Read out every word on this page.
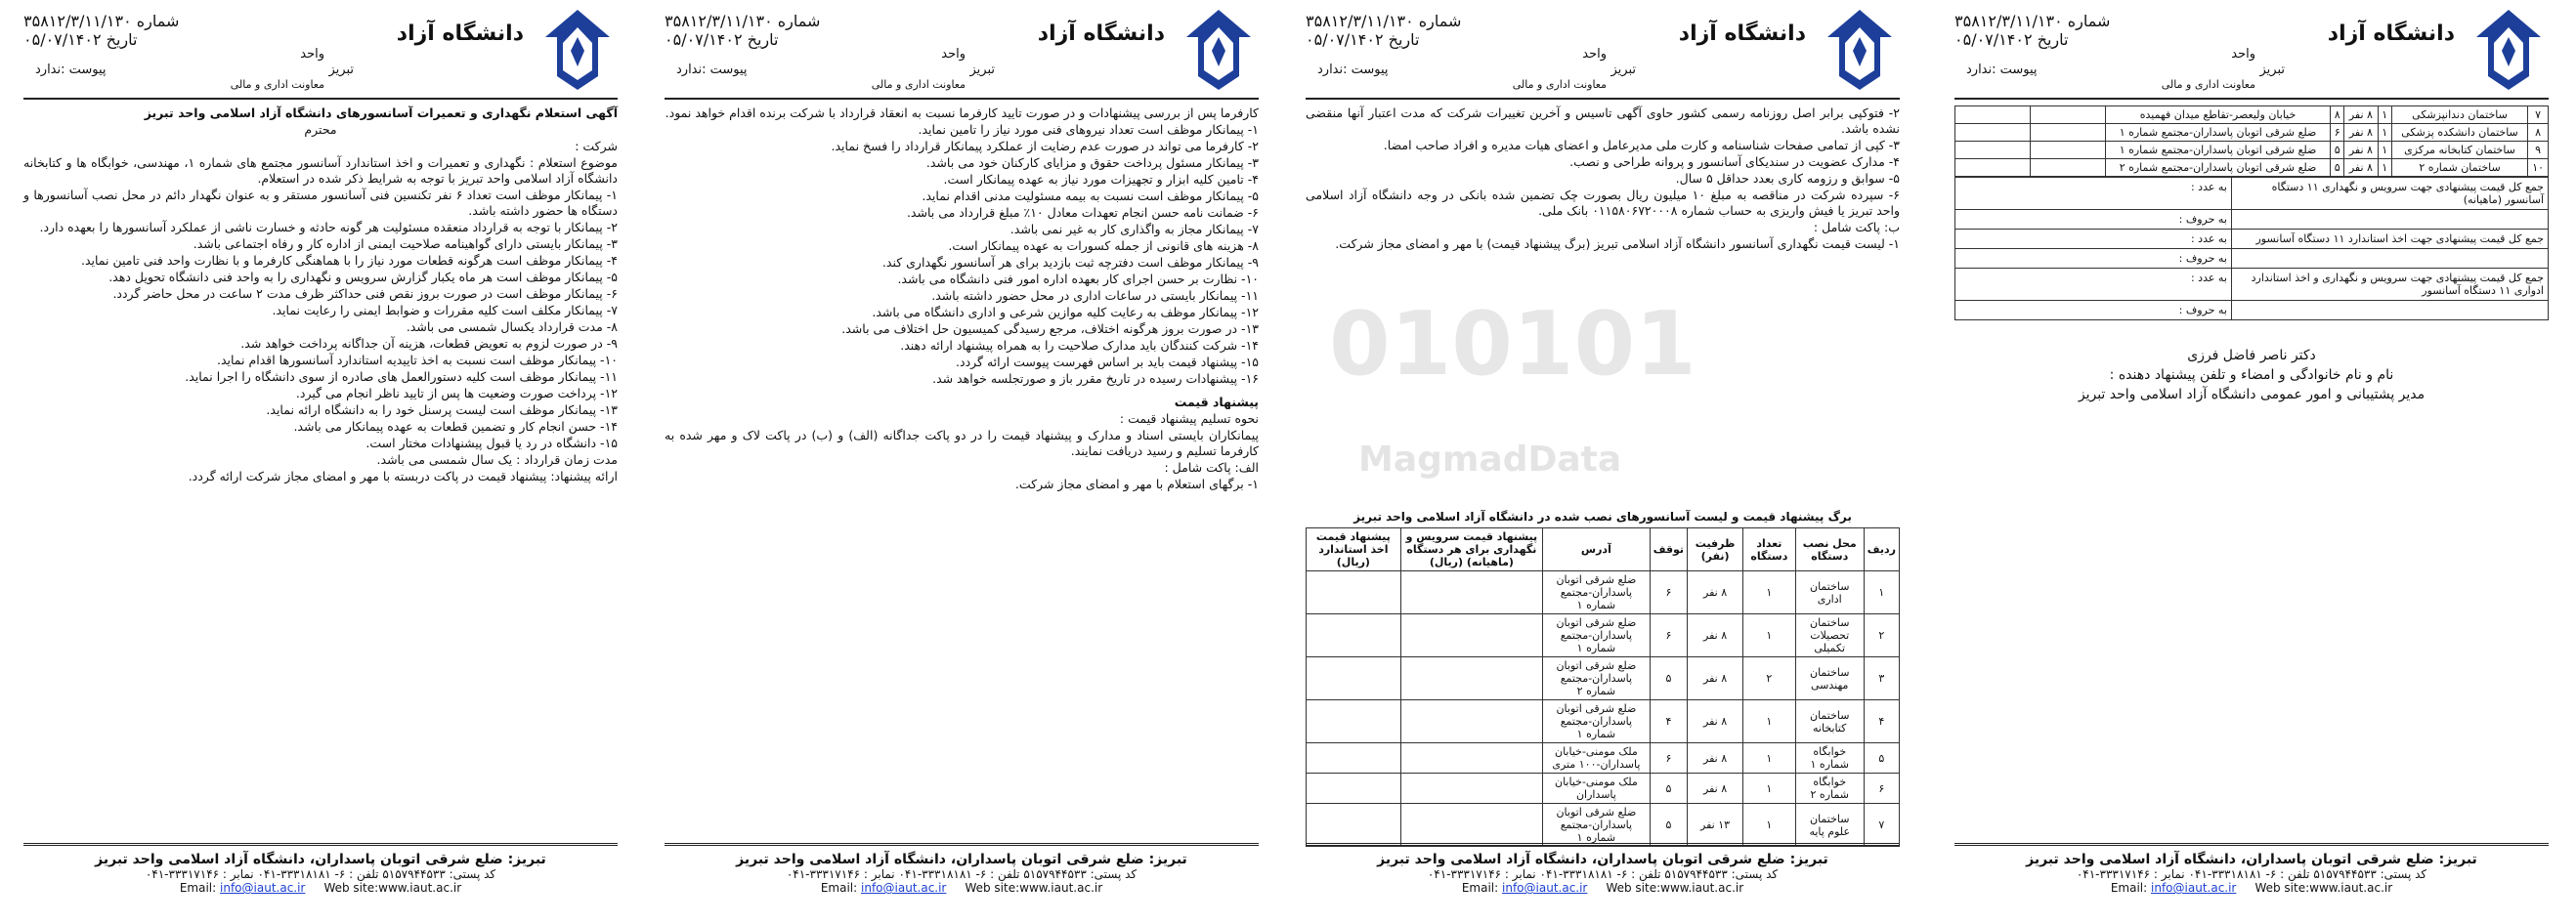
دانشگاه آزاد
۳۵۸۱۲/۳/۱۱/۱۳۰ شماره
۰۵/۰۷/۱۴۰۲ تاریخ
واحد
تبریز
پیوست :ندارد
معاونت اداری و مالی

آگهی استعلام نگهداری و تعمیرات آسانسورهای دانشگاه آزاد اسلامی واحد تبریز

محترم

شرکت :

موضوع استعلام : نگهداری و تعمیرات و اخذ استاندارد آسانسور مجتمع های شماره ۱، مهندسی، خوابگاه ها و کتابخانه دانشگاه آزاد اسلامی واحد تبریز با توجه به شرایط ذکر شده در استعلام.

۱- پیمانکار موظف است تعداد ۶ نفر تکنسین فنی آسانسور مستقر و به عنوان نگهدار دائم در محل نصب آسانسورها و دستگاه ها حضور داشته باشد.

۲- پیمانکار با توجه به قرارداد منعقده مسئولیت هر گونه حادثه و خسارت ناشی از عملکرد آسانسورها را بعهده دارد.

۳- پیمانکار بایستی دارای گواهینامه صلاحیت ایمنی از اداره کار و رفاه اجتماعی باشد.

۴- پیمانکار موظف است هرگونه قطعات مورد نیاز را با هماهنگی کارفرما و با نظارت واحد فنی تامین نماید.

۵- پیمانکار موظف است هر ماه یکبار گزارش سرویس و نگهداری را به واحد فنی دانشگاه تحویل دهد.

۶- پیمانکار موظف است در صورت بروز نقص فنی حداکثر ظرف مدت ۲ ساعت در محل حاضر گردد.

۷- پیمانکار مکلف است کلیه مقررات و ضوابط ایمنی را رعایت نماید.

۸- مدت قرارداد یکسال شمسی می باشد.

۹- در صورت لزوم به تعویض قطعات، هزینه آن جداگانه پرداخت خواهد شد.

۱۰- پیمانکار موظف است نسبت به اخذ تاییدیه استاندارد آسانسورها اقدام نماید.

۱۱- پیمانکار موظف است کلیه دستورالعمل های صادره از سوی دانشگاه را اجرا نماید.

۱۲- پرداخت صورت وضعیت ها پس از تایید ناظر انجام می گیرد.

۱۳- پیمانکار موظف است لیست پرسنل خود را به دانشگاه ارائه نماید.

۱۴- حسن انجام کار و تضمین قطعات به عهده پیمانکار می باشد.

۱۵- دانشگاه در رد یا قبول پیشنهادات مختار است.

مدت زمان قرارداد : یک سال شمسی می باشد.

ارائه پیشنهاد: پیشنهاد قیمت در پاکت دربسته با مهر و امضای مجاز شرکت ارائه گردد.

تبریز: ضلع شرقی اتوبان پاسداران، دانشگاه آزاد اسلامی واحد تبریز
کد پستی: ۵۱۵۷۹۴۴۵۳۳ تلفن : ۶- ۳۳۳۱۸۱۸۱-۰۴۱ نمابر : ۳۳۳۱۷۱۴۶-۰۴۱
Email: info@iaut.ac.ir Web site:www.iaut.ac.ir
دانشگاه آزاد
۳۵۸۱۲/۳/۱۱/۱۳۰ شماره
۰۵/۰۷/۱۴۰۲ تاریخ
واحد
تبریز
پیوست :ندارد
معاونت اداری و مالی

کارفرما پس از بررسی پیشنهادات و در صورت تایید کارفرما نسبت به انعقاد قرارداد با شرکت برنده اقدام خواهد نمود.

۱- پیمانکار موظف است تعداد نیروهای فنی مورد نیاز را تامین نماید.

۲- کارفرما می تواند در صورت عدم رضایت از عملکرد پیمانکار قرارداد را فسخ نماید.

۳- پیمانکار مسئول پرداخت حقوق و مزایای کارکنان خود می باشد.

۴- تامین کلیه ابزار و تجهیزات مورد نیاز به عهده پیمانکار است.

۵- پیمانکار موظف است نسبت به بیمه مسئولیت مدنی اقدام نماید.

۶- ضمانت نامه حسن انجام تعهدات معادل ۱۰٪ مبلغ قرارداد می باشد.

۷- پیمانکار مجاز به واگذاری کار به غیر نمی باشد.

۸- هزینه های قانونی از جمله کسورات به عهده پیمانکار است.

۹- پیمانکار موظف است دفترچه ثبت بازدید برای هر آسانسور نگهداری کند.

۱۰- نظارت بر حسن اجرای کار بعهده اداره امور فنی دانشگاه می باشد.

۱۱- پیمانکار بایستی در ساعات اداری در محل حضور داشته باشد.

۱۲- پیمانکار موظف به رعایت کلیه موازین شرعی و اداری دانشگاه می باشد.

۱۳- در صورت بروز هرگونه اختلاف، مرجع رسیدگی کمیسیون حل اختلاف می باشد.

۱۴- شرکت کنندگان باید مدارک صلاحیت را به همراه پیشنهاد ارائه دهند.

۱۵- پیشنهاد قیمت باید بر اساس فهرست پیوست ارائه گردد.

۱۶- پیشنهادات رسیده در تاریخ مقرر باز و صورتجلسه خواهد شد.

پیشنهاد قیمت

نحوه تسلیم پیشنهاد قیمت :

پیمانکاران بایستی اسناد و مدارک و پیشنهاد قیمت را در دو پاکت جداگانه (الف) و (ب) در پاکت لاک و مهر شده به کارفرما تسلیم و رسید دریافت نمایند.

الف: پاکت شامل :

۱- برگهای استعلام با مهر و امضای مجاز شرکت.

تبریز: ضلع شرقی اتوبان پاسداران، دانشگاه آزاد اسلامی واحد تبریز
کد پستی: ۵۱۵۷۹۴۴۵۳۳ تلفن : ۶- ۳۳۳۱۸۱۸۱-۰۴۱ نمابر : ۳۳۳۱۷۱۴۶-۰۴۱
Email: info@iaut.ac.ir Web site:www.iaut.ac.ir
دانشگاه آزاد
۳۵۸۱۲/۳/۱۱/۱۳۰ شماره
۰۵/۰۷/۱۴۰۲ تاریخ
واحد
تبریز
پیوست :ندارد
معاونت اداری و مالی

۲- فتوکپی برابر اصل روزنامه رسمی کشور حاوی آگهی تاسیس و آخرین تغییرات شرکت که مدت اعتبار آنها منقضی نشده باشد.

۳- کپی از تمامی صفحات شناسنامه و کارت ملی مدیرعامل و اعضای هیات مدیره و افراد صاحب امضا.

۴- مدارک عضویت در سندیکای آسانسور و پروانه طراحی و نصب.

۵- سوابق و رزومه کاری بعدد حداقل ۵ سال.

۶- سپرده شرکت در مناقصه به مبلغ ۱۰ میلیون ریال بصورت چک تضمین شده بانکی در وجه دانشگاه آزاد اسلامی واحد تبریز یا فیش واریزی به حساب شماره ۰۱۱۵۸۰۶۷۲۰۰۰۸ بانک ملی.

ب: پاکت شامل :

۱- لیست قیمت نگهداری آسانسور دانشگاه آزاد اسلامی تبریز (برگ پیشنهاد قیمت) با مهر و امضای مجاز شرکت.

010101
MagmadData
برگ پیشنهاد قیمت و لیست آسانسورهای نصب شده در دانشگاه آزاد اسلامی واحد تبریز
ردیف	محل نصب دستگاه	تعداد دستگاه	ظرفیت (نفر)	توقف	آدرس	پیشنهاد قیمت سرویس و نگهداری برای هر دستگاه (ماهیانه) (ریال)	پیشنهاد قیمت اخذ استاندارد (ریال)
۱	ساختمان اداری	۱	۸ نفر	۶	ضلع شرقی اتوبان پاسداران-مجتمع شماره ۱		
۲	ساختمان تحصیلات تکمیلی	۱	۸ نفر	۶	ضلع شرقی اتوبان پاسداران-مجتمع شماره ۱		
۳	ساختمان مهندسی	۲	۸ نفر	۵	ضلع شرقی اتوبان پاسداران-مجتمع شماره ۲		
۴	ساختمان کتابخانه	۱	۸ نفر	۴	ضلع شرقی اتوبان پاسداران-مجتمع شماره ۱		
۵	خوابگاه شماره ۱	۱	۸ نفر	۶	ملک مومنی-خیابان پاسداران-۱۰۰ متری		
۶	خوابگاه شماره ۲	۱	۸ نفر	۵	ملک مومنی-خیابان پاسداران		
۷	ساختمان علوم پایه	۱	۱۳ نفر	۵	ضلع شرقی اتوبان پاسداران-مجتمع شماره ۱		
تبریز: ضلع شرقی اتوبان پاسداران، دانشگاه آزاد اسلامی واحد تبریز
کد پستی: ۵۱۵۷۹۴۴۵۳۳ تلفن : ۶- ۳۳۳۱۸۱۸۱-۰۴۱ نمابر : ۳۳۳۱۷۱۴۶-۰۴۱
Email: info@iaut.ac.ir Web site:www.iaut.ac.ir
دانشگاه آزاد
۳۵۸۱۲/۳/۱۱/۱۳۰ شماره
۰۵/۰۷/۱۴۰۲ تاریخ
واحد
تبریز
پیوست :ندارد
معاونت اداری و مالی
۷	ساختمان دندانپزشکی	۱	۸ نفر	۸	خیابان ولیعصر-تقاطع میدان فهمیده		
۸	ساختمان دانشکده پزشکی	۱	۸ نفر	۶	ضلع شرقی اتوبان پاسداران-مجتمع شماره ۱		
۹	ساختمان کتابخانه مرکزی	۱	۸ نفر	۵	ضلع شرقی اتوبان پاسداران-مجتمع شماره ۱		
۱۰	ساختمان شماره ۲	۱	۸ نفر	۵	ضلع شرقی اتوبان پاسداران-مجتمع شماره ۲		
جمع کل قیمت پیشنهادی جهت سرویس و نگهداری ۱۱ دستگاه آسانسور (ماهیانه)
به عدد :
به حروف :
جمع کل قیمت پیشنهادی جهت اخذ استاندارد ۱۱ دستگاه آسانسور
به عدد :
به حروف :
جمع کل قیمت پیشنهادی جهت سرویس و نگهداری و اخذ استاندارد ادواری ۱۱ دستگاه آسانسور
به عدد :
به حروف :
دکتر ناصر فاضل فرزی
نام و نام خانوادگی و امضاء و تلفن پیشنهاد دهنده :
مدیر پشتیبانی و امور عمومی دانشگاه آزاد اسلامی واحد تبریز
تبریز: ضلع شرقی اتوبان پاسداران، دانشگاه آزاد اسلامی واحد تبریز
کد پستی: ۵۱۵۷۹۴۴۵۳۳ تلفن : ۶- ۳۳۳۱۸۱۸۱-۰۴۱ نمابر : ۳۳۳۱۷۱۴۶-۰۴۱
Email: info@iaut.ac.ir Web site:www.iaut.ac.ir
